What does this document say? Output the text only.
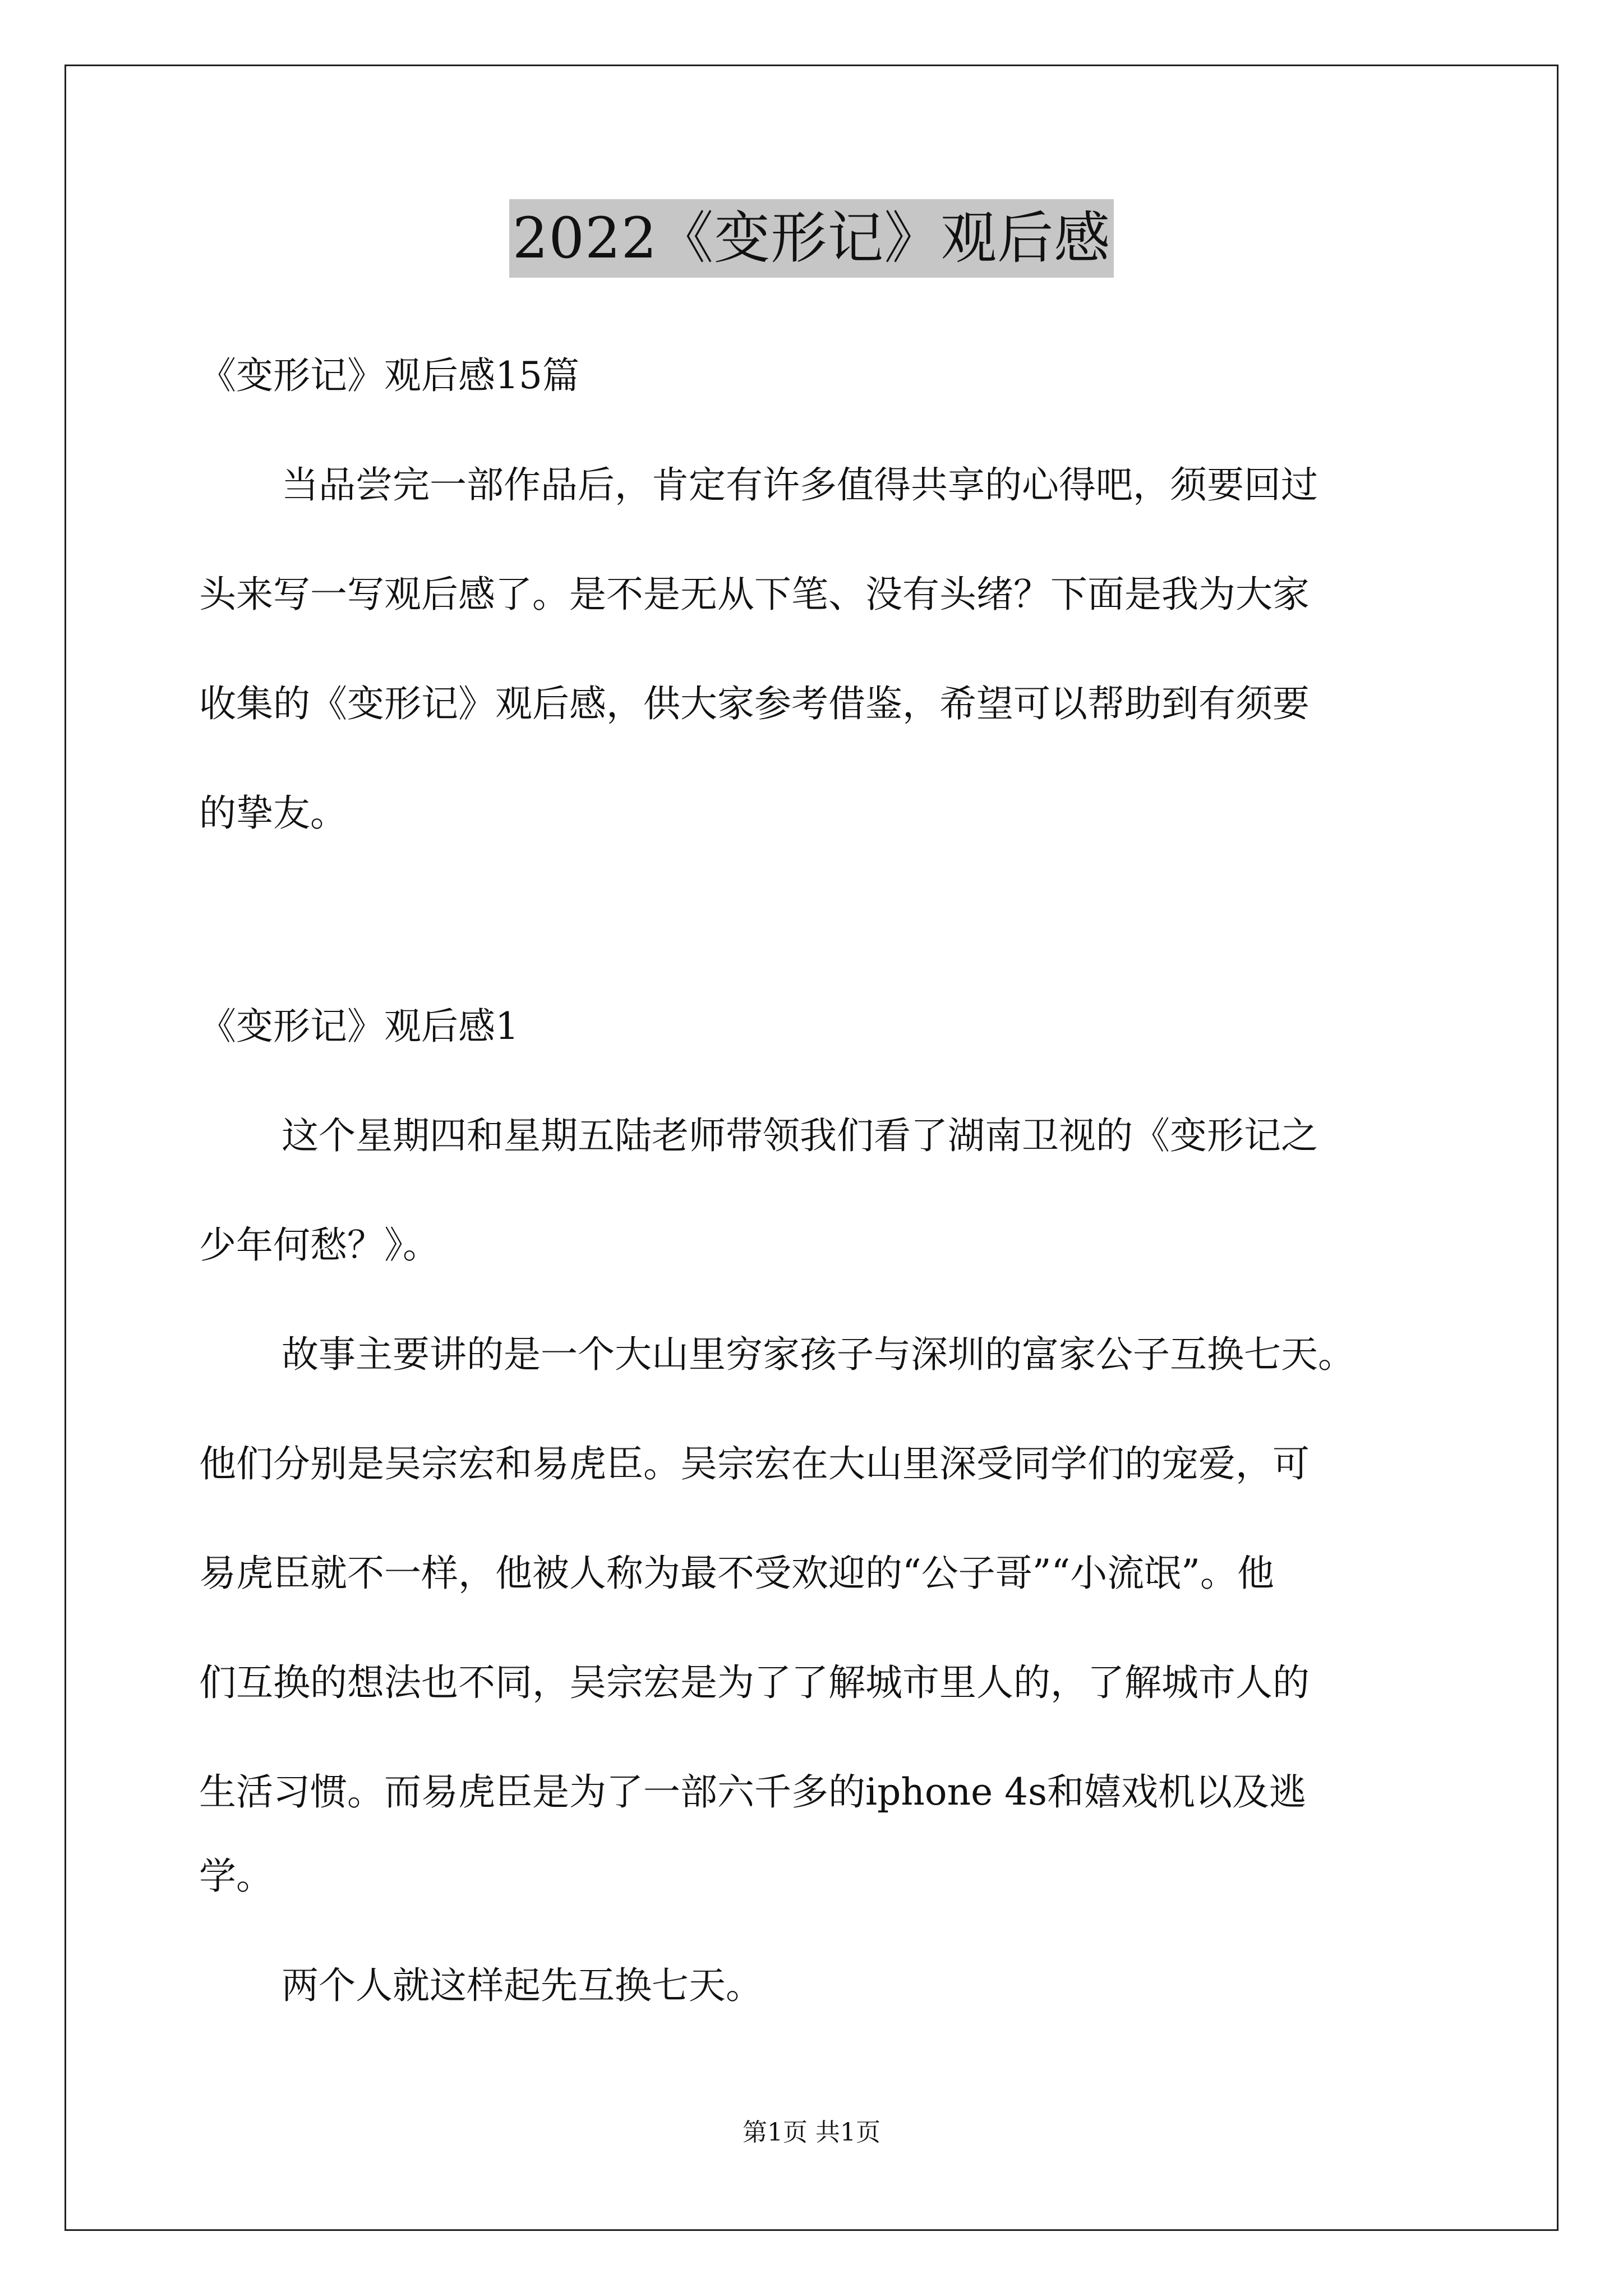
2022《变形记》观后感
《变形记》观后感15篇
当品尝完一部作品后，肯定有许多值得共享的心得吧，须要回过
头来写一写观后感了。是不是无从下笔、没有头绪？下面是我为大家
收集的《变形记》观后感，供大家参考借鉴，希望可以帮助到有须要
的挚友。
《变形记》观后感1
这个星期四和星期五陆老师带领我们看了湖南卫视的《变形记之
少年何愁？》。
故事主要讲的是一个大山里穷家孩子与深圳的富家公子互换七天。
他们分别是吴宗宏和易虎臣。吴宗宏在大山里深受同学们的宠爱，可
易虎臣就不一样，他被人称为最不受欢迎的“公子哥”“小流氓”。他
们互换的想法也不同，吴宗宏是为了了解城市里人的，了解城市人的
生活习惯。而易虎臣是为了一部六千多的iphone 4s和嬉戏机以及逃
学。
两个人就这样起先互换七天。
第1页 共1页
